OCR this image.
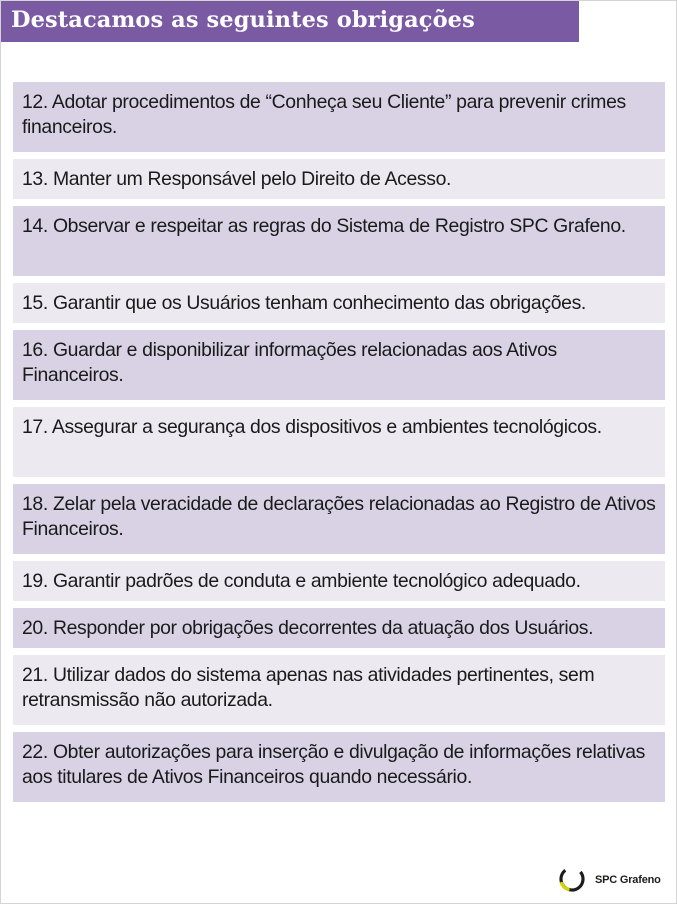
Destacamos as seguintes obrigações
12. Adotar procedimentos de “Conheça seu Cliente” para prevenir crimes financeiros.
13. Manter um Responsável pelo Direito de Acesso.
14. Observar e respeitar as regras do Sistema de Registro SPC Grafeno.
15. Garantir que os Usuários tenham conhecimento das obrigações.
16. Guardar e disponibilizar informações relacionadas aos Ativos Financeiros.
17. Assegurar a segurança dos dispositivos e ambientes tecnológicos.
18. Zelar pela veracidade de declarações relacionadas ao Registro de Ativos Financeiros.
19. Garantir padrões de conduta e ambiente tecnológico adequado.
20. Responder por obrigações decorrentes da atuação dos Usuários.
21. Utilizar dados do sistema apenas nas atividades pertinentes, sem retransmissão não autorizada.
22. Obter autorizações para inserção e divulgação de informações relativas aos titulares de Ativos Financeiros quando necessário.
SPC Grafeno
